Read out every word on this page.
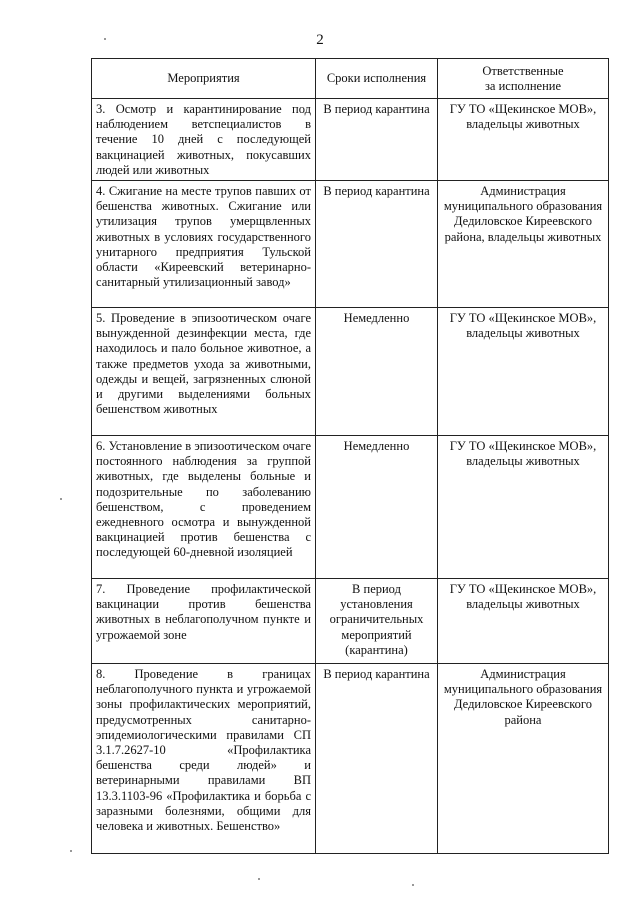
2
Мероприятия	Сроки исполнения	Ответственные
за исполнение

3. Осмотр и карантинирование под наблюдением ветспециалистов в течение 10 дней с последующей вакцинацией животных, покусавших людей или животных	В период карантина	ГУ ТО «Щекинское МОВ», владельцы животных
4. Сжигание на месте трупов павших от бешенства животных. Сжигание или утилизация трупов умерщвленных животных в условиях государственного унитарного предприятия Тульской области «Киреевский ветеринарно-санитарный утилизационный завод»	В период карантина	Администрация муниципального образования Дедиловское Киреевского района, владельцы животных
5. Проведение в эпизоотическом очаге вынужденной дезинфекции места, где находилось и пало больное животное, а также предметов ухода за животными, одежды и вещей, загрязненных слюной и другими выделениями больных бешенством животных	Немедленно	ГУ ТО «Щекинское МОВ», владельцы животных
6. Установление в эпизоотическом очаге постоянного наблюдения за группой животных, где выделены больные и подозрительные по заболеванию бешенством, с проведением ежедневного осмотра и вынужденной вакцинацией против бешенства с последующей 60-дневной изоляцией	Немедленно	ГУ ТО «Щекинское МОВ», владельцы животных
7. Проведение профилактической вакцинации против бешенства животных в неблагополучном пункте и угрожаемой зоне	В период установления ограничительных мероприятий (карантина)	ГУ ТО «Щекинское МОВ», владельцы животных
8. Проведение в границах неблагополучного пункта и угрожаемой зоны профилактических мероприятий, предусмотренных санитарно-эпидемиологическими правилами СП 3.1.7.2627-10 «Профилактика бешенства среди людей» и ветеринарными правилами ВП 13.3.1103-96 «Профилактика и борьба с заразными болезнями, общими для человека и животных. Бешенство»	В период карантина	Администрация муниципального образования Дедиловское Киреевского района
